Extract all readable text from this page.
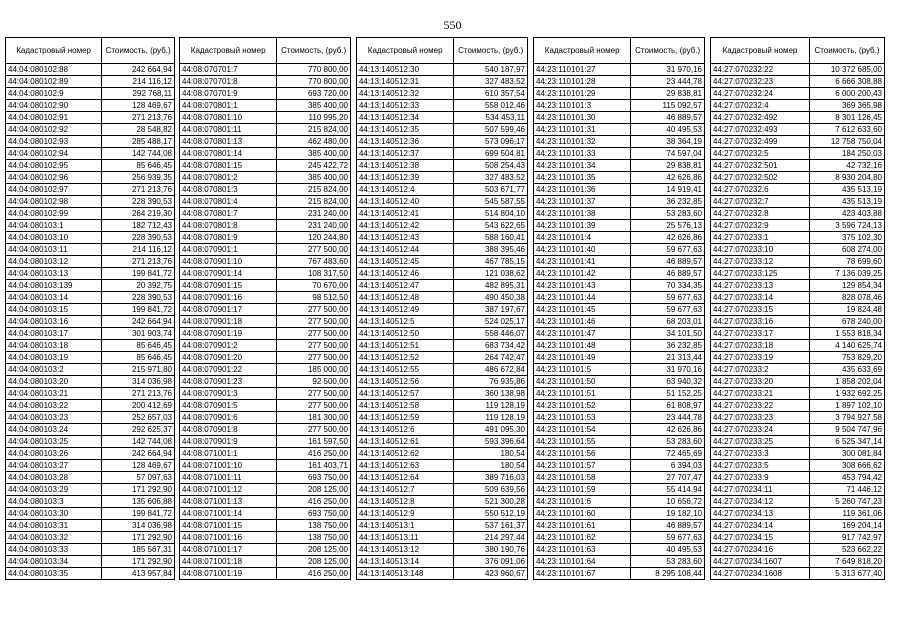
550
Кадастровый номер	Стоимость, (руб.)
44:04:080102:88	242 664,94
44:04:080102:89	214 116,12
44:04:080102:9	292 768,11
44:04:080102:90	128 469,67
44:04:080102:91	271 213,76
44:04:080102:92	28 548,82
44:04:080102:93	285 488,17
44:04:080102:94	142 744,08
44:04:080102:95	85 646,45
44:04:080102:96	256 939,35
44:04:080102:97	271 213,76
44:04:080102:98	228 390,53
44:04:080102:99	264 219,30
44:04:080103:1	182 712,43
44:04:080103:10	228 390,53
44:04:080103:11	214 116,12
44:04:080103:12	271 213,76
44:04:080103:13	199 841,72
44:04:080103:139	20 392,75
44:04:080103:14	228 390,53
44:04:080103:15	199 841,72
44:04:080103:16	242 664,94
44:04:080103:17	301 903,74
44:04:080103:18	85 646,45
44:04:080103:19	85 646,45
44:04:080103:2	215 971,80
44:04:080103:20	314 036,98
44:04:080103:21	271 213,76
44:04:080103:22	200 412,69
44:04:080103:23	252 657,03
44:04:080103:24	292 625,37
44:04:080103:25	142 744,08
44:04:080103:26	242 664,94
44:04:080103:27	128 469,67
44:04:080103:28	57 097,63
44:04:080103:29	171 292,90
44:04:080103:3	135 606,88
44:04:080103:30	199 841,72
44:04:080103:31	314 036,98
44:04:080103:32	171 292,90
44:04:080103:33	185 567,31
44:04:080103:34	171 292,90
44:04:080103:35	413 957,84
Кадастровый номер	Стоимость, (руб.)
44:08:070701:7	770 800,00
44:08:070701:8	770 800,00
44:08:070701:9	693 720,00
44:08:070801:1	385 400,00
44:08:070801:10	110 995,20
44:08:070801:11	215 824,00
44:08:070801:13	462 480,00
44:08:070801:14	385 400,00
44:08:070801:15	245 422,72
44:08:070801:2	385 400,00
44:08:070801:3	215 824,00
44:08:070801:4	215 824,00
44:08:070801:7	231 240,00
44:08:070801:8	231 240,00
44:08:070801:9	120 244,80
44:08:070901:1	277 500,00
44:08:070901:10	767 483,60
44:08:070901:14	108 317,50
44:08:070901:15	70 670,00
44:08:070901:16	98 512,50
44:08:070901:17	277 500,00
44:08:070901:18	277 500,00
44:08:070901:19	277 500,00
44:08:070901:2	277 500,00
44:08:070901:20	277 500,00
44:08:070901:22	185 000,00
44:08:070901:23	92 500,00
44:08:070901:3	277 500,00
44:08:070901:5	277 500,00
44:08:070901:6	181 300,00
44:08:070901:8	277 500,00
44:08:070901:9	161 597,50
44:08:071001:1	416 250,00
44:08:071001:10	161 403,71
44:08:071001:11	693 750,00
44:08:071001:12	208 125,00
44:08:071001:13	416 250,00
44:08:071001:14	693 750,00
44:08:071001:15	138 750,00
44:08:071001:16	138 750,00
44:08:071001:17	208 125,00
44:08:071001:18	208 125,00
44:08:071001:19	416 250,00
Кадастровый номер	Стоимость, (руб.)
44:13:140512:30	540 187,97
44:13:140512:31	327 483,52
44:13:140512:32	610 357,54
44:13:140512:33	558 012,46
44:13:140512:34	534 453,11
44:13:140512:35	507 599,46
44:13:140512:36	573 096,17
44:13:140512:37	699 504,81
44:13:140512:38	508 254,43
44:13:140512:39	327 483,52
44:13:140512:4	503 671,77
44:13:140512:40	545 587,55
44:13:140512:41	514 804,10
44:13:140512:42	543 622,65
44:13:140512:43	588 160,41
44:13:140512:44	388 395,46
44:13:140512:45	467 785,15
44:13:140512:46	121 038,62
44:13:140512:47	482 895,31
44:13:140512:48	490 450,38
44:13:140512:49	387 197,67
44:13:140512:5	524 025,17
44:13:140512:50	558 446,07
44:13:140512:51	683 734,42
44:13:140512:52	264 742,47
44:13:140512:55	486 672,84
44:13:140512:56	76 935,86
44:13:140512:57	360 138,98
44:13:140512:58	119 128,19
44:13:140512:59	119 128,19
44:13:140512:6	491 095,30
44:13:140512:61	593 396,64
44:13:140512:62	180,54
44:13:140512:63	180,54
44:13:140512:64	389 716,03
44:13:140512:7	509 639,56
44:13:140512:8	521 300,28
44:13:140512:9	550 512,19
44:13:140513:1	537 161,37
44:13:140513:11	214 297,44
44:13:140513:12	380 190,76
44:13:140513:14	376 091,06
44:13:140513:148	423 960,67
Кадастровый номер	Стоимость, (руб.)
44:23:110101:27	31 970,16
44:23:110101:28	23 444,78
44:23:110101:29	29 838,81
44:23:110101:3	115 092,57
44:23:110101:30	46 889,57
44:23:110101:31	40 495,53
44:23:110101:32	38 364,19
44:23:110101:33	74 597,04
44:23:110101:34	29 838,81
44:23:110101:35	42 626,86
44:23:110101:36	14 919,41
44:23:110101:37	36 232,85
44:23:110101:38	53 283,60
44:23:110101:39	25 576,13
44:23:110101:4	42 626,86
44:23:110101:40	59 677,63
44:23:110101:41	46 889,57
44:23:110101:42	46 889,57
44:23:110101:43	70 334,35
44:23:110101:44	59 677,63
44:23:110101:45	59 677,63
44:23:110101:46	68 203,01
44:23:110101:47	34 101,50
44:23:110101:48	36 232,85
44:23:110101:49	21 313,44
44:23:110101:5	31 970,16
44:23:110101:50	63 940,32
44:23:110101:51	51 152,25
44:23:110101:52	61 808,97
44:23:110101:53	23 444,78
44:23:110101:54	42 626,86
44:23:110101:55	53 283,60
44:23:110101:56	72 465,69
44:23:110101:57	6 394,03
44:23:110101:58	27 707,47
44:23:110101:59	55 414,94
44:23:110101:6	10 656,72
44:23:110101:60	19 182,10
44:23:110101:61	46 889,57
44:23:110101:62	59 677,63
44:23:110101:63	40 495,53
44:23:110101:64	53 283,60
44:23:110101:67	8 295 108,44
Кадастровый номер	Стоимость, (руб.)
44:27:070232:22	10 372 685,00
44:27:070232:23	6 666 308,88
44:27:070232:24	6 000 200,43
44:27:070232:4	369 365,98
44:27:070232:492	8 301 126,45
44:27:070232:493	7 612 633,60
44:27:070232:499	12 758 750,04
44:27:070232:5	184 250,03
44:27:070232:501	42 732,16
44:27:070232:502	8 930 204,80
44:27:070232:6	435 513,19
44:27:070232:7	435 513,19
44:27:070232:8	423 403,88
44:27:070232:9	3 596 724,13
44:27:070233:1	375 102,30
44:27:070233:10	608 274,00
44:27:070233:12	78 699,60
44:27:070233:125	7 136 039,25
44:27:070233:13	129 854,34
44:27:070233:14	828 078,46
44:27:070233:15	19 824,48
44:27:070233:16	678 240,00
44:27:070233:17	1 553 818,34
44:27:070233:18	4 140 625,74
44:27:070233:19	753 829,20
44:27:070233:2	435 633,69
44:27:070233:20	1 858 202,04
44:27:070233:21	1 932 692,25
44:27:070233:22	1 897 102,10
44:27:070233:23	3 794 927,58
44:27:070233:24	9 504 747,96
44:27:070233:25	6 525 347,14
44:27:070233:3	300 081,84
44:27:070233:5	308 666,62
44:27:070233:9	453 794,42
44:27:070234:11	71 446,12
44:27:070234:12	5 260 747,23
44:27:070234:13	119 361,06
44:27:070234:14	169 204,14
44:27:070234:15	917 742,97
44:27:070234:16	523 662,22
44:27:070234:1607	7 649 818,20
44:27:070234:1608	5 313 677,40
